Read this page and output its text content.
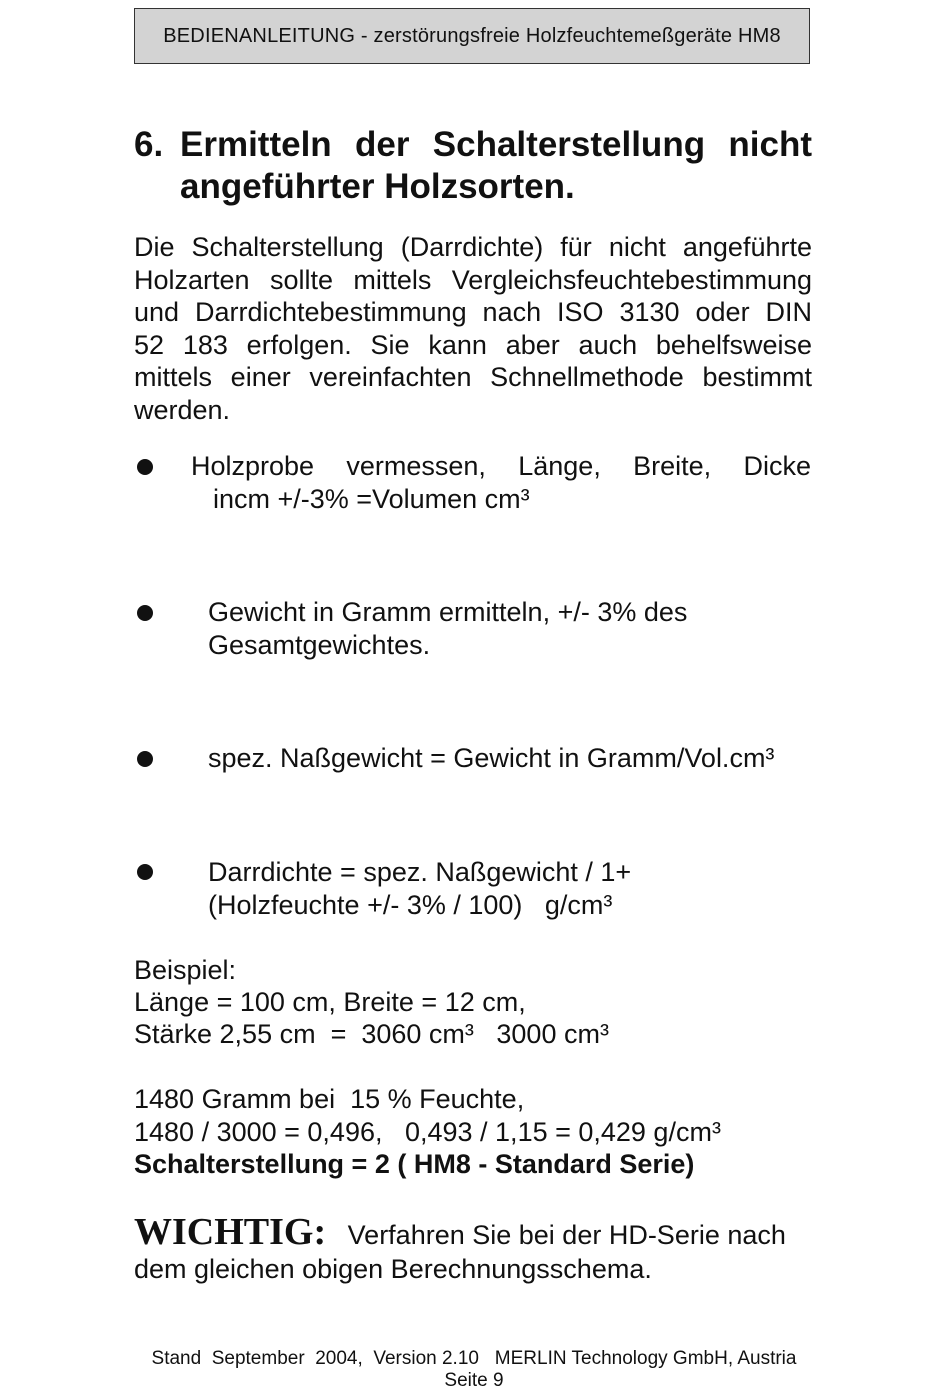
BEDIENANLEITUNG - zerstörungsfreie Holzfeuchtemeßgeräte HM8
6. Ermitteln der Schalterstellung nicht
angeführter Holzsorten.
Die Schalterstellung (Darrdichte) für nicht angeführte
Holzarten sollte mittels Vergleichsfeuchtebestimmung
und Darrdichtebestimmung nach ISO 3130 oder DIN
52 183 erfolgen. Sie kann aber auch behelfsweise
mittels einer vereinfachten Schnellmethode bestimmt
werden.
Holzprobe vermessen, Länge, Breite, Dicke
incm +/-3% =Volumen cm³
Gewicht in Gramm ermitteln, +/- 3% des
Gesamtgewichtes.
spez. Naßgewicht = Gewicht in Gramm/Vol.cm³
Darrdichte = spez. Naßgewicht / 1+
(Holzfeuchte +/- 3% / 100)   g/cm³
Beispiel:
Länge = 100 cm, Breite = 12 cm,
Stärke 2,55 cm  =  3060 cm³   3000 cm³
1480 Gramm bei  15 % Feuchte,
1480 / 3000 = 0,496,   0,493 / 1,15 = 0,429 g/cm³
Schalterstellung = 2 ( HM8 - Standard Serie)
WICHTIG: Verfahren Sie bei der HD-Serie nach
dem gleichen obigen Berechnungsschema.
Stand  September  2004,  Version 2.10   MERLIN Technology GmbH, Austria
Seite 9
